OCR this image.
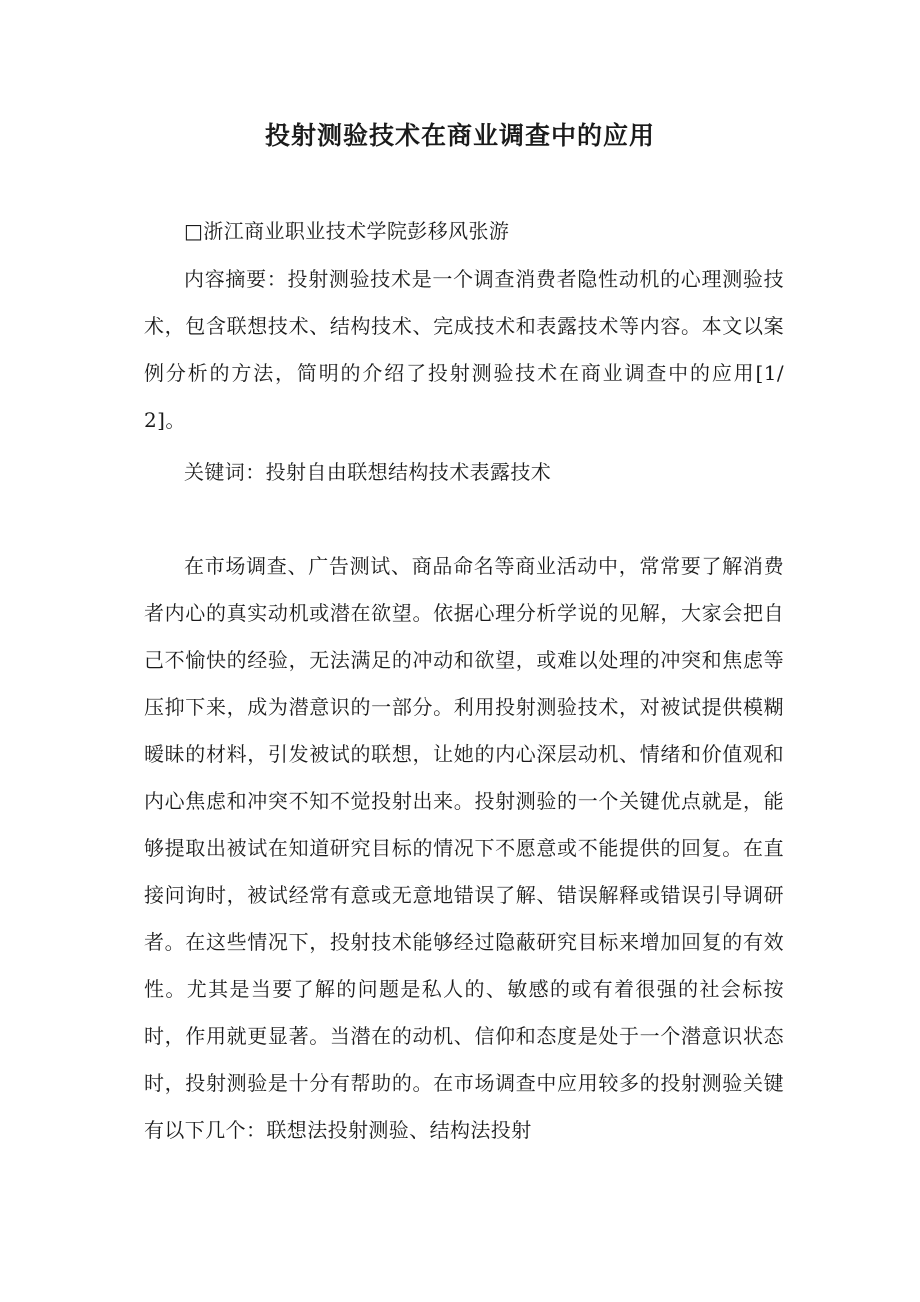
投射测验技术在商业调查中的应用

□浙江商业职业技术学院彭移风张游

内容摘要：投射测验技术是一个调查消费者隐性动机的心理测验技术，包含联想技术、结构技术、完成技术和表露技术等内容。本文以案例分析的方法，简明的介绍了投射测验技术在商业调查中的应用[1/2]。

关键词：投射自由联想结构技术表露技术

在市场调查、广告测试、商品命名等商业活动中，常常要了解消费者内心的真实动机或潜在欲望。依据心理分析学说的见解，大家会把自己不愉快的经验，无法满足的冲动和欲望，或难以处理的冲突和焦虑等压抑下来，成为潜意识的一部分。利用投射测验技术，对被试提供模糊暧昧的材料，引发被试的联想，让她的内心深层动机、情绪和价值观和内心焦虑和冲突不知不觉投射出来。投射测验的一个关键优点就是，能够提取出被试在知道研究目标的情况下不愿意或不能提供的回复。在直接问询时，被试经常有意或无意地错误了解、错误解释或错误引导调研者。在这些情况下，投射技术能够经过隐蔽研究目标来增加回复的有效性。尤其是当要了解的问题是私人的、敏感的或有着很强的社会标按时，作用就更显著。当潜在的动机、信仰和态度是处于一个潜意识状态时，投射测验是十分有帮助的。在市场调查中应用较多的投射测验关键有以下几个：联想法投射测验、结构法投射
